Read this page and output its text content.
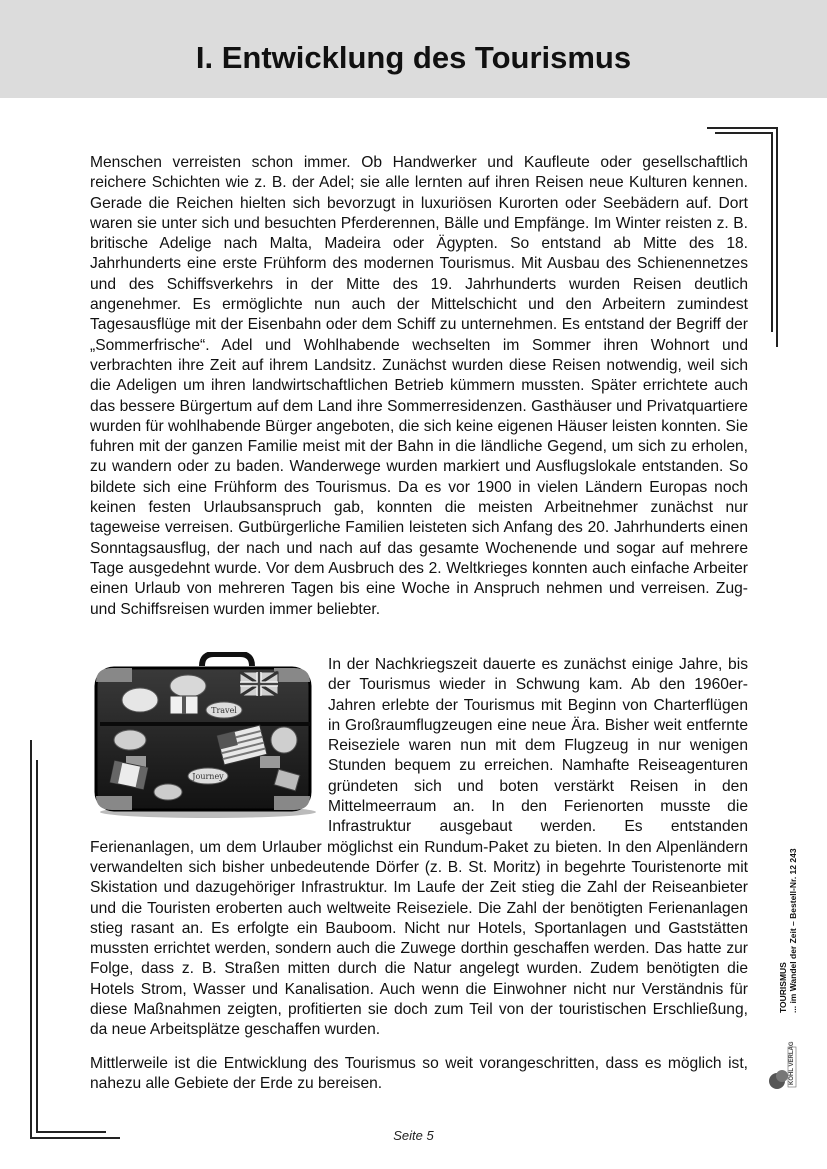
I. Entwicklung des Tourismus

Menschen verreisten schon immer. Ob Handwerker und Kaufleute oder gesellschaftlich reichere Schichten wie z. B. der Adel; sie alle lernten auf ihren Reisen neue Kulturen kennen. Gerade die Reichen hielten sich bevorzugt in luxuriösen Kurorten oder Seebädern auf. Dort waren sie unter sich und besuchten Pferderennen, Bälle und Empfänge. Im Winter reisten z. B. britische Adelige nach Malta, Madeira oder Ägypten. So entstand ab Mitte des 18. Jahrhunderts eine erste Frühform des modernen Tourismus. Mit Ausbau des Schienennetzes und des Schiffsverkehrs in der Mitte des 19. Jahrhunderts wurden Reisen deutlich angenehmer. Es ermöglichte nun auch der Mittelschicht und den Arbeitern zumindest Tagesausflüge mit der Eisenbahn oder dem Schiff zu unternehmen. Es entstand der Begriff der „Sommerfrische“. Adel und Wohlhabende wechselten im Sommer ihren Wohnort und verbrachten ihre Zeit auf ihrem Landsitz. Zunächst wurden diese Reisen notwendig, weil sich die Adeligen um ihren landwirtschaftlichen Betrieb kümmern mussten. Später errichtete auch das bessere Bürgertum auf dem Land ihre Sommerresidenzen. Gasthäuser und Privatquartiere wurden für wohlhabende Bürger angeboten, die sich keine eigenen Häuser leisten konnten. Sie fuhren mit der ganzen Familie meist mit der Bahn in die ländliche Gegend, um sich zu erholen, zu wandern oder zu baden. Wanderwege wurden markiert und Ausflugslokale entstanden. So bildete sich eine Frühform des Tourismus. Da es vor 1900 in vielen Ländern Europas noch keinen festen Urlaubsanspruch gab, konnten die meisten Arbeitnehmer zunächst nur tageweise verreisen. Gutbürgerliche Familien leisteten sich Anfang des 20. Jahrhunderts einen Sonntagsausflug, der nach und nach auf das gesamte Wochenende und sogar auf mehrere Tage ausgedehnt wurde. Vor dem Ausbruch des 2. Weltkrieges konnten auch einfache Arbeiter einen Urlaub von mehreren Tagen bis eine Woche in Anspruch nehmen und verreisen. Zug- und Schiffsreisen wurden immer beliebter.

Travel
Journey
In der Nachkriegszeit dauerte es zunächst einige Jahre, bis der Tourismus wieder in Schwung kam. Ab den 1960er-Jahren erlebte der Tourismus mit Beginn von Charterflügen in Großraumflugzeugen eine neue Ära. Bisher weit entfernte Reiseziele waren nun mit dem Flugzeug in nur wenigen Stunden bequem zu erreichen. Namhafte Reiseagenturen gründeten sich und boten verstärkt Reisen in den Mittelmeerraum an. In den Ferienorten musste die Infrastruktur ausgebaut werden. Es entstanden Ferienanlagen, um dem Urlauber möglichst ein Rundum-Paket zu bieten. In den Alpenländern verwandelten sich bisher unbedeutende Dörfer (z. B. St. Moritz) in begehrte Touristenorte mit Skistation und dazugehöriger Infrastruktur. Im Laufe der Zeit stieg die Zahl der Reiseanbieter und die Touristen eroberten auch weltweite Reiseziele. Die Zahl der benötigten Ferienanlagen stieg rasant an. Es erfolgte ein Bauboom. Nicht nur Hotels, Sportanlagen und Gaststätten mussten errichtet werden, sondern auch die Zuwege dorthin geschaffen werden. Das hatte zur Folge, dass z. B. Straßen mitten durch die Natur angelegt wurden. Zudem benötigten die Hotels Strom, Wasser und Kanalisation. Auch wenn die Einwohner nicht nur Verständnis für diese Maßnahmen zeigten, profitierten sie doch zum Teil von der touristischen Erschließung, da neue Arbeitsplätze geschaffen wurden.

Mittlerweile ist die Entwicklung des Tourismus so weit vorangeschritten, dass es möglich ist, nahezu alle Gebiete der Erde zu bereisen.

TOURISMUS ... im Wandel der Zeit – Bestell-Nr. 12 243
KOHL VERLAG
Seite 5
